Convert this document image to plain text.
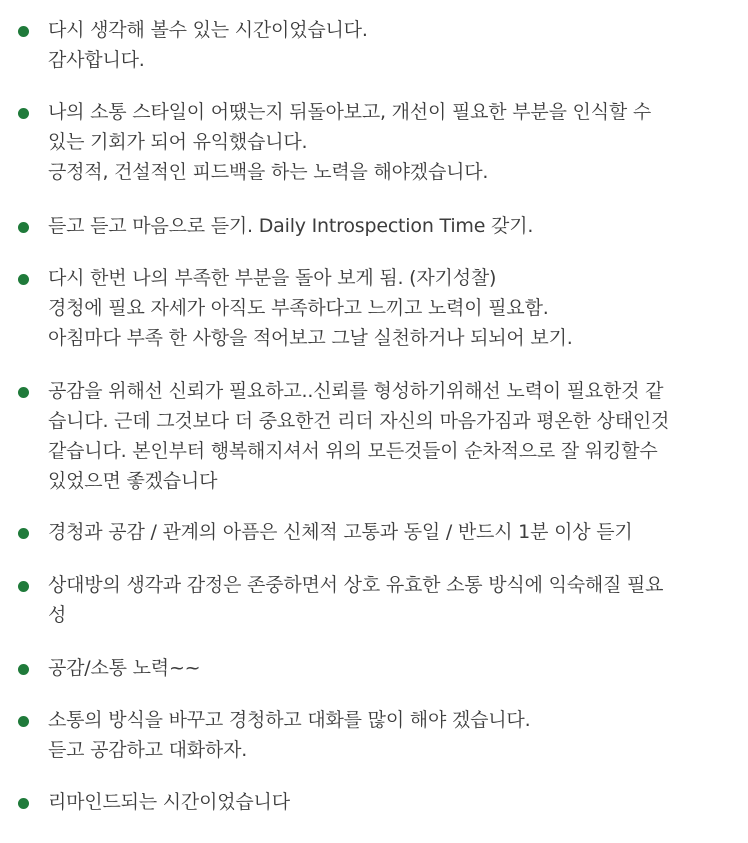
다시 생각해 볼수 있는 시간이었습니다.
감사합니다.
나의 소통 스타일이 어땠는지 뒤돌아보고, 개선이 필요한 부분을 인식할 수
있는 기회가 되어 유익했습니다.
긍정적, 건설적인 피드백을 하는 노력을 해야겠습니다.
듣고 듣고 마음으로 듣기. Daily Introspection Time 갖기.
다시 한번 나의 부족한 부분을 돌아 보게 됨. (자기성찰)
경청에 필요 자세가 아직도 부족하다고 느끼고 노력이 필요함.
아침마다 부족 한 사항을 적어보고 그날 실천하거나 되뇌어 보기.
공감을 위해선 신뢰가 필요하고..신뢰를 형성하기위해선 노력이 필요한것 같
습니다. 근데 그것보다 더 중요한건 리더 자신의 마음가짐과 평온한 상태인것
같습니다. 본인부터 행복해지셔서 위의 모든것들이 순차적으로 잘 워킹할수
있었으면 좋겠습니다
경청과 공감 / 관계의 아픔은 신체적 고통과 동일 / 반드시 1분 이상 듣기
상대방의 생각과 감정은 존중하면서 상호 유효한 소통 방식에 익숙해질 필요
성
공감/소통 노력~~
소통의 방식을 바꾸고 경청하고 대화를 많이 해야 겠습니다.
듣고 공감하고 대화하자.
리마인드되는 시간이었습니다
